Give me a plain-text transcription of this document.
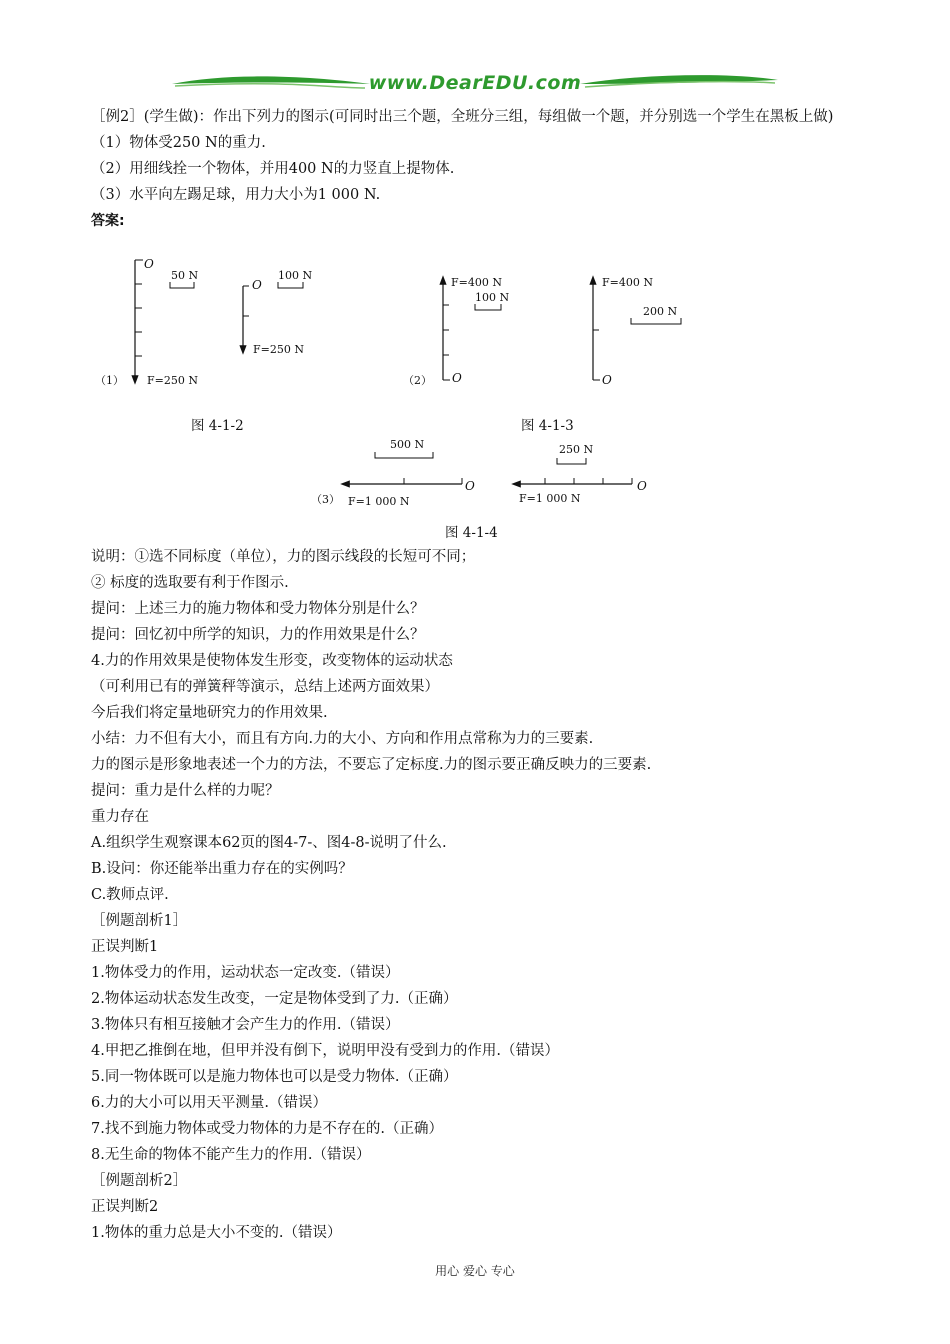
www.DearEDU.com
［例2］(学生做)：作出下列力的图示(可同时出三个题，全班分三组，每组做一个题，并分别选一个学生在黑板上做)
（1）物体受250 N的重力.
（2）用细线拴一个物体，并用400 N的力竖直上提物体.
（3）水平向左踢足球，用力大小为1 000 N.
答案:
O
F=250 N
50 N
（1）
O
100 N
F=250 N
F=400 N
100 N
O
（2）
F=400 N
200 N
O
图 4-1-2	图 4-1-3
500 N
O
F=1 000 N
（3）
250 N
O
F=1 000 N
图 4-1-4
说明：①选不同标度（单位），力的图示线段的长短可不同；
② 标度的选取要有利于作图示.
提问：上述三力的施力物体和受力物体分别是什么？
提问：回忆初中所学的知识，力的作用效果是什么？
4.力的作用效果是使物体发生形变，改变物体的运动状态
（可利用已有的弹簧秤等演示，总结上述两方面效果）
今后我们将定量地研究力的作用效果.
小结：力不但有大小，而且有方向.力的大小、方向和作用点常称为力的三要素.
力的图示是形象地表述一个力的方法，不要忘了定标度.力的图示要正确反映力的三要素.
提问：重力是什么样的力呢？
重力存在
A.组织学生观察课本62页的图4-7-、图4-8-说明了什么.
B.设问：你还能举出重力存在的实例吗？
C.教师点评.
［例题剖析1］
正误判断1
1.物体受力的作用，运动状态一定改变.（错误）
2.物体运动状态发生改变，一定是物体受到了力.（正确）
3.物体只有相互接触才会产生力的作用.（错误）
4.甲把乙推倒在地，但甲并没有倒下，说明甲没有受到力的作用.（错误）
5.同一物体既可以是施力物体也可以是受力物体.（正确）
6.力的大小可以用天平测量.（错误）
7.找不到施力物体或受力物体的力是不存在的.（正确）
8.无生命的物体不能产生力的作用.（错误）
［例题剖析2］
正误判断2
1.物体的重力总是大小不变的.（错误）
用心 爱心 专心
